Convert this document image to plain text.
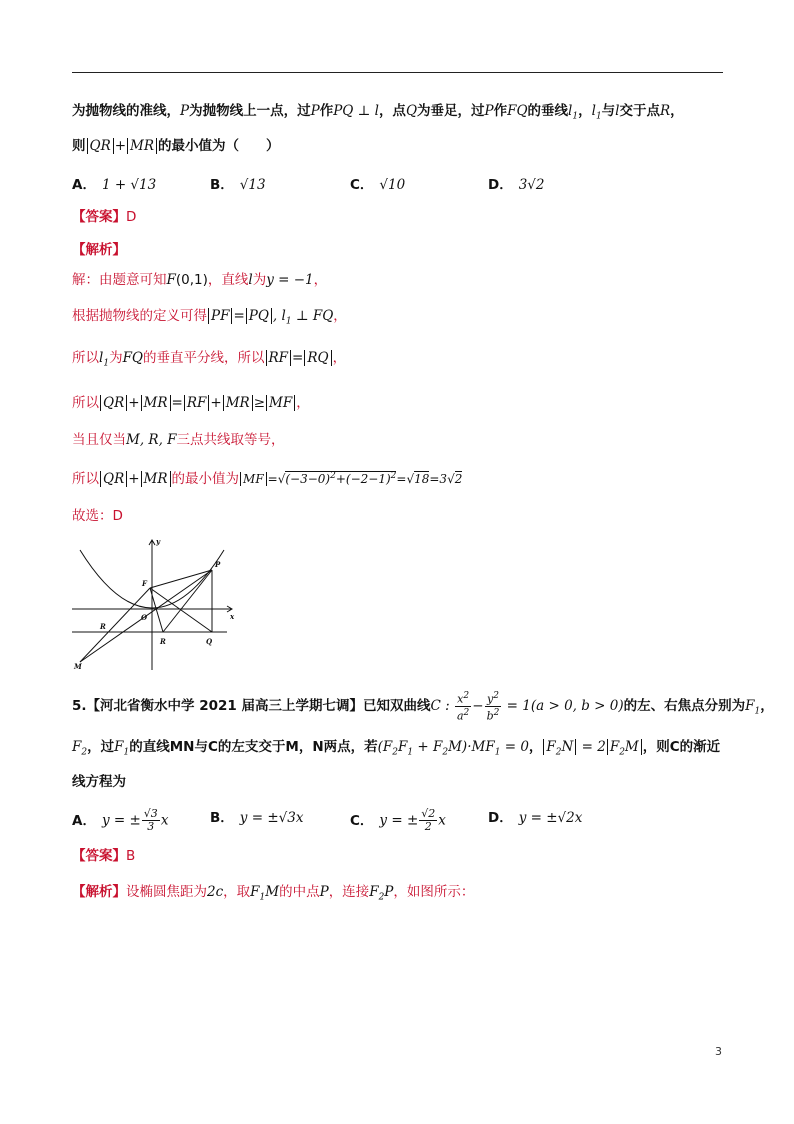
为抛物线的准线，P为抛物线上一点，过P作PQ ⊥ l，点Q为垂足，过P作FQ的垂线$l_1$，$l_1$与l交于点R，
则 QR + MR 的最小值为（　　）
A． 1 + √13	B． √13	C． √10	D． 3√2
【答案】D
【解析】
解：由题意可知F(0,1)，直线l为y = −1，
根据抛物线的定义可得 PF = PQ , $l_1$ ⊥ FQ，
所以$l_1$为FQ的垂直平分线，所以 RF = RQ ，
所以 QR + MR = RF + MR ≥ MF ，
当且仅当M, R, F三点共线取等号，
所以 QR + MR 的最小值为 MF $=√(-3-0)^2+(-2-1)^2=√18=3√2$
故选：D
y
x
F
O
R
R	Q
P
M
5.【河北省衡水中学 2021 届高三上学期七调】已知双曲线C : $\frac{x^2}{a^2} - \frac{y^2}{b^2} = 1(a > 0$, b > 0)的左、右焦点分别为$F_1$，
$F_2$，过$F_1$的直线MN与C的左支交于M，N两点，若$(F_2F_1 + F_2M)\cdot MF_1 = 0$， $F_2N = 2$ $F_2M$ ，则C的渐近
线方程为
A． y = ± $\frac{√3}{3}$ x	B． y = ±√3x	C． y = ± $\frac{√2}{2}$ x	D． y = ±√2x
【答案】B
【解析】设椭圆焦距为2c，取$F_1M$的中点P，连接$F_2P$，如图所示：
3
